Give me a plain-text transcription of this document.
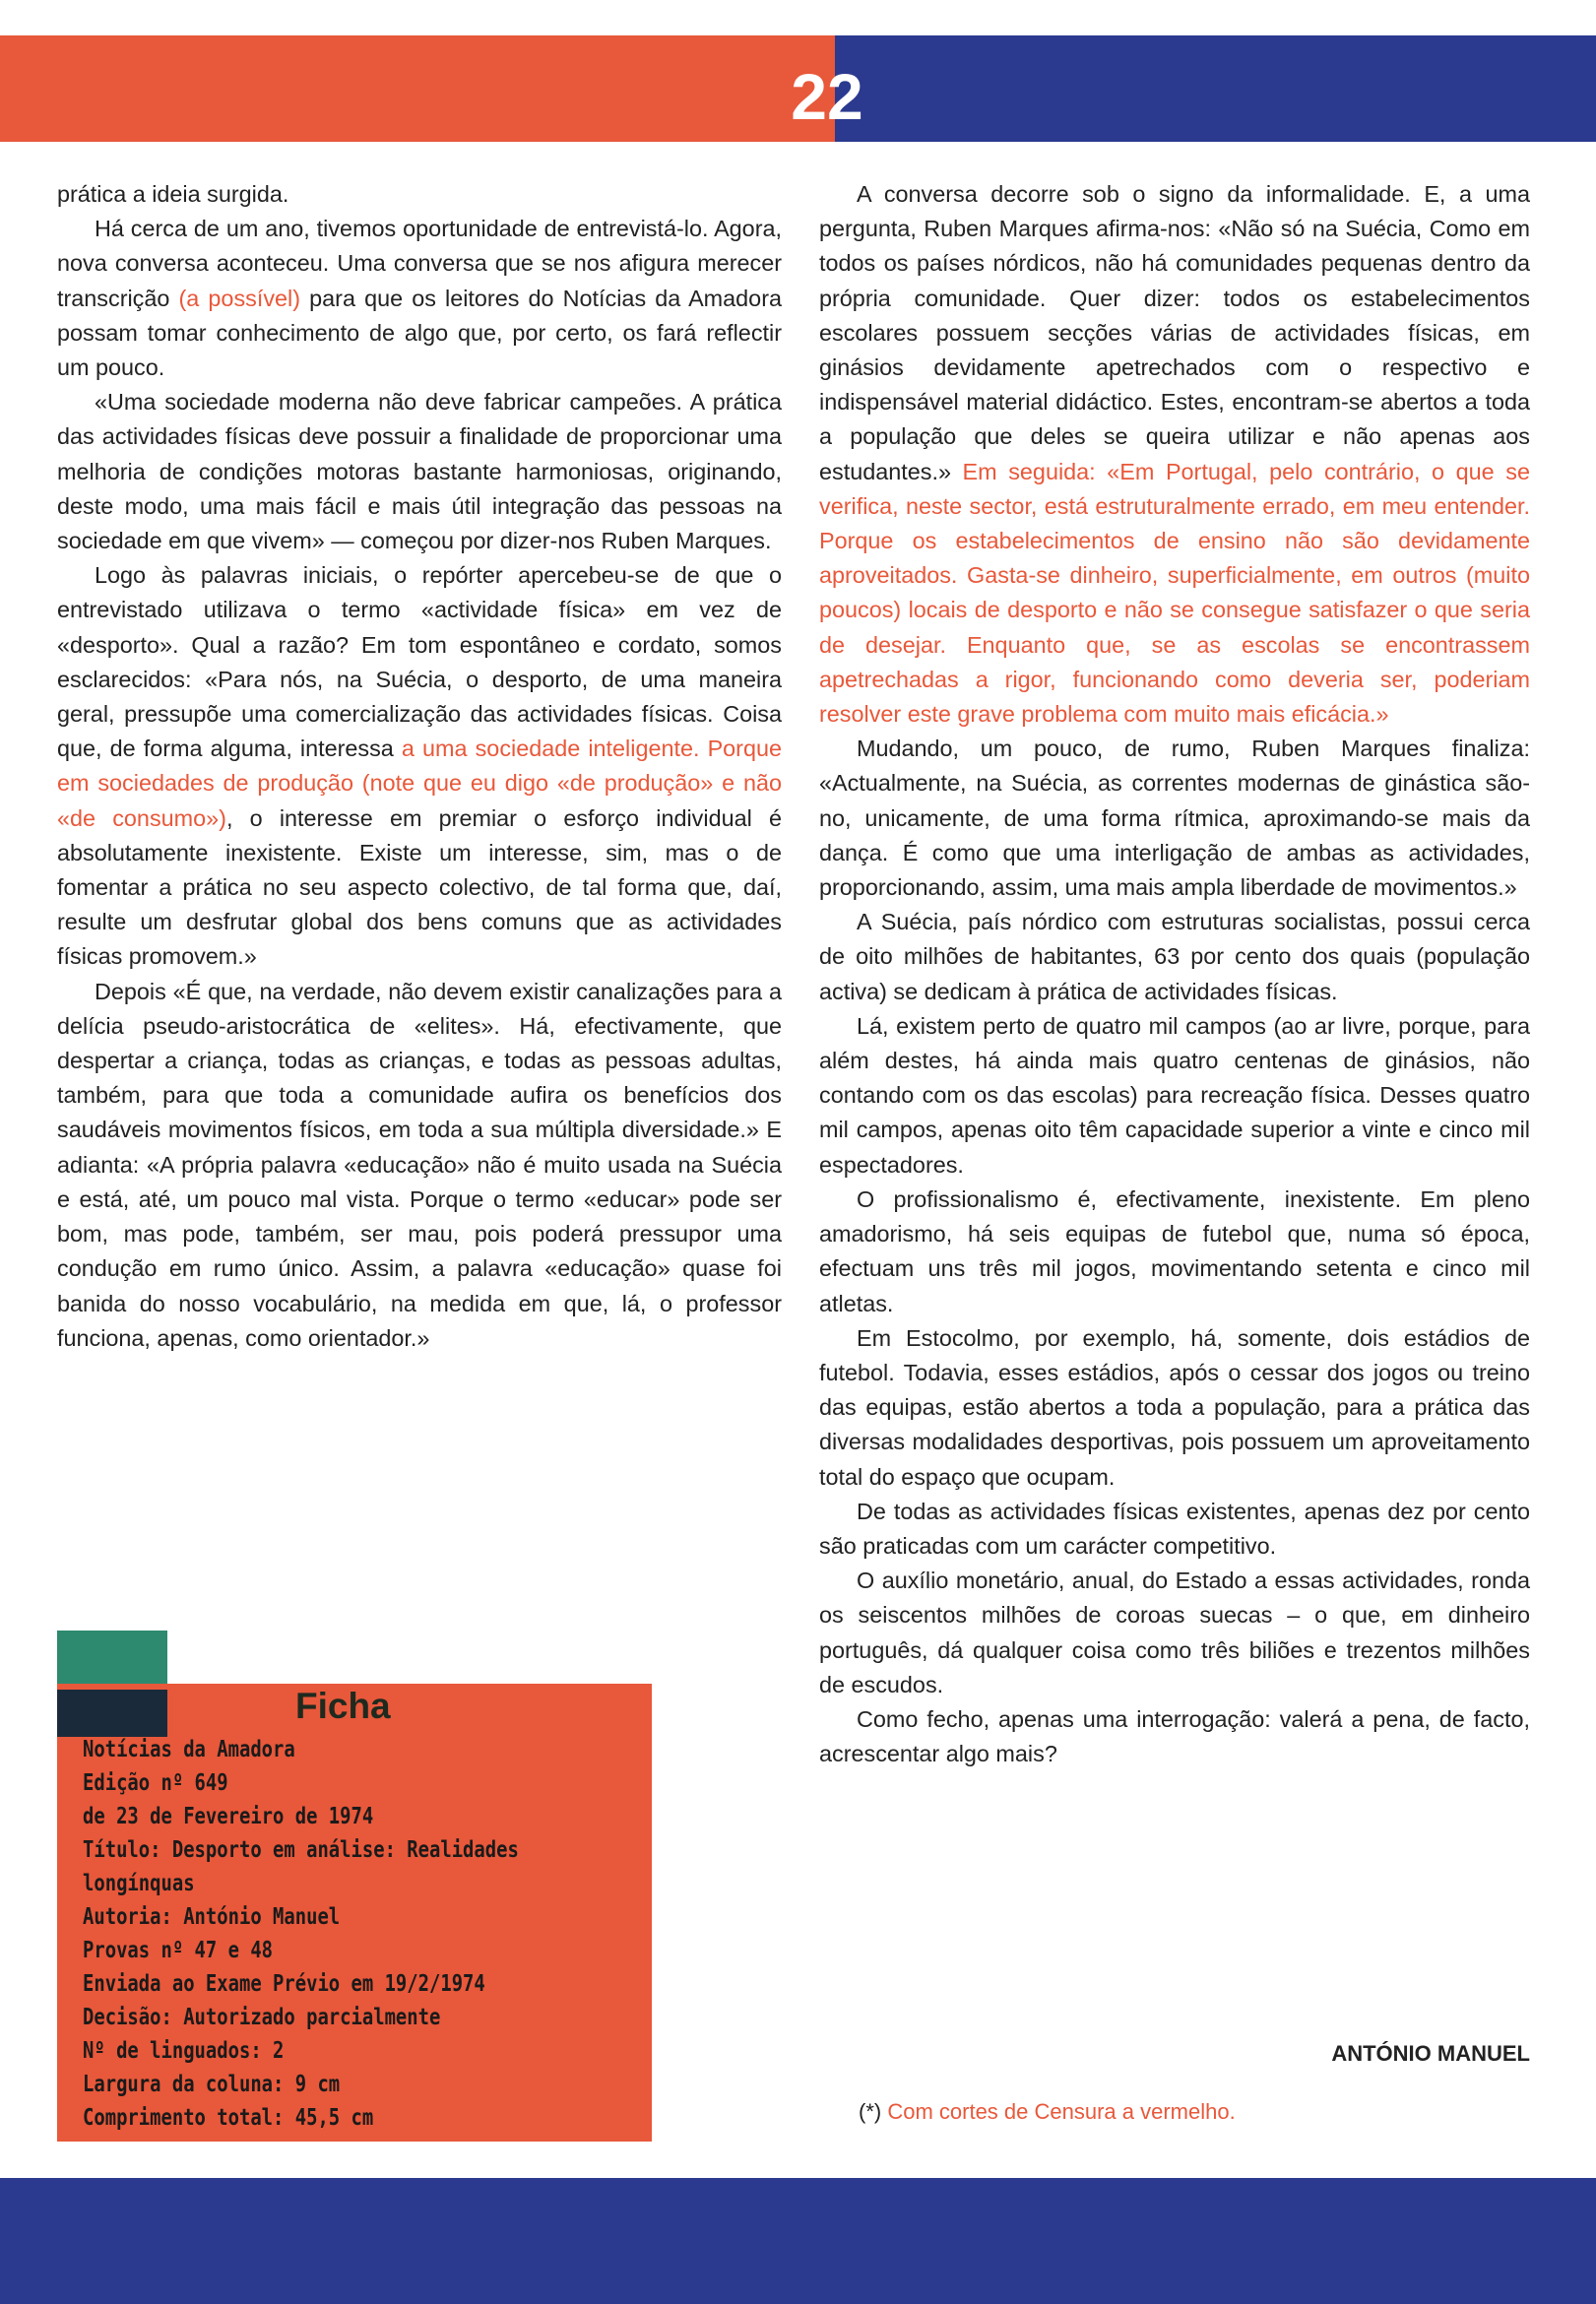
22

prática a ideia surgida.

Há cerca de um ano, tivemos oportunidade de entrevistá-lo. Agora, nova conversa aconteceu. Uma conversa que se nos afigura merecer transcrição (a possível) para que os leitores do Notícias da Amadora possam tomar conhecimento de algo que, por certo, os fará reflectir um pouco.

«Uma sociedade moderna não deve fabricar campeões. A prática das actividades físicas deve possuir a finalidade de proporcionar uma melhoria de condições motoras bastante harmoniosas, originando, deste modo, uma mais fácil e mais útil integração das pessoas na sociedade em que vivem» — começou por dizer-nos Ruben Marques.

Logo às palavras iniciais, o repórter apercebeu-se de que o entrevistado utilizava o termo «actividade física» em vez de «desporto». Qual a razão? Em tom espontâneo e cordato, somos esclarecidos: «Para nós, na Suécia, o desporto, de uma maneira geral, pressupõe uma comercialização das actividades físicas. Coisa que, de forma alguma, interessa a uma sociedade inteligente. Porque em sociedades de produção (note que eu digo «de produção» e não «de consumo»), o interesse em premiar o esforço individual é absolutamente inexistente. Existe um interesse, sim, mas o de fomentar a prática no seu aspecto colectivo, de tal forma que, daí, resulte um desfrutar global dos bens comuns que as actividades físicas promovem.»

Depois «É que, na verdade, não devem existir canalizações para a delícia pseudo-aristocrática de «elites». Há, efectivamente, que despertar a criança, todas as crianças, e todas as pessoas adultas, também, para que toda a comunidade aufira os benefícios dos saudáveis movimentos físicos, em toda a sua múltipla diversidade.» E adianta: «A própria palavra «educação» não é muito usada na Suécia e está, até, um pouco mal vista. Porque o termo «educar» pode ser bom, mas pode, também, ser mau, pois poderá pressupor uma condução em rumo único. Assim, a palavra «educação» quase foi banida do nosso vocabulário, na medida em que, lá, o professor funciona, apenas, como orientador.»

Ficha
Notícias da Amadora
Edição nº 649
de 23 de Fevereiro de 1974
Título: Desporto em análise: Realidades
longínquas
Autoria: António Manuel
Provas nº 47 e 48
Enviada ao Exame Prévio em 19/2/1974
Decisão: Autorizado parcialmente
Nº de linguados: 2
Largura da coluna: 9 cm
Comprimento total: 45,5 cm

A conversa decorre sob o signo da informalidade. E, a uma pergunta, Ruben Marques afirma-nos: «Não só na Suécia, Como em todos os países nórdicos, não há comunidades pequenas dentro da própria comunidade. Quer dizer: todos os estabelecimentos escolares possuem secções várias de actividades físicas, em ginásios devidamente apetrechados com o respectivo e indispensável material didáctico. Estes, encontram-se abertos a toda a população que deles se queira utilizar e não apenas aos estudantes.» Em seguida: «Em Portugal, pelo contrário, o que se verifica, neste sector, está estruturalmente errado, em meu entender. Porque os estabelecimentos de ensino não são devidamente aproveitados. Gasta-se dinheiro, superficialmente, em outros (muito poucos) locais de desporto e não se consegue satisfazer o que seria de desejar. Enquanto que, se as escolas se encontrassem apetrechadas a rigor, funcionando como deveria ser, poderiam resolver este grave problema com muito mais eficácia.»

Mudando, um pouco, de rumo, Ruben Marques finaliza: «Actualmente, na Suécia, as correntes modernas de ginástica são-no, unicamente, de uma forma rítmica, aproximando-se mais da dança. É como que uma interligação de ambas as actividades, proporcionando, assim, uma mais ampla liberdade de movimentos.»

A Suécia, país nórdico com estruturas socialistas, possui cerca de oito milhões de habitantes, 63 por cento dos quais (população activa) se dedicam à prática de actividades físicas.

Lá, existem perto de quatro mil campos (ao ar livre, porque, para além destes, há ainda mais quatro centenas de ginásios, não contando com os das escolas) para recreação física. Desses quatro mil campos, apenas oito têm capacidade superior a vinte e cinco mil espectadores.

O profissionalismo é, efectivamente, inexistente. Em pleno amadorismo, há seis equipas de futebol que, numa só época, efectuam uns três mil jogos, movimentando setenta e cinco mil atletas.

Em Estocolmo, por exemplo, há, somente, dois estádios de futebol. Todavia, esses estádios, após o cessar dos jogos ou treino das equipas, estão abertos a toda a população, para a prática das diversas modalidades desportivas, pois possuem um aproveitamento total do espaço que ocupam.

De todas as actividades físicas existentes, apenas dez por cento são praticadas com um carácter competitivo.

O auxílio monetário, anual, do Estado a essas actividades, ronda os seiscentos milhões de coroas suecas – o que, em dinheiro português, dá qualquer coisa como três biliões e trezentos milhões de escudos.

Como fecho, apenas uma interrogação: valerá a pena, de facto, acrescentar algo mais?

ANTÓNIO MANUEL
(*) Com cortes de Censura a vermelho.
